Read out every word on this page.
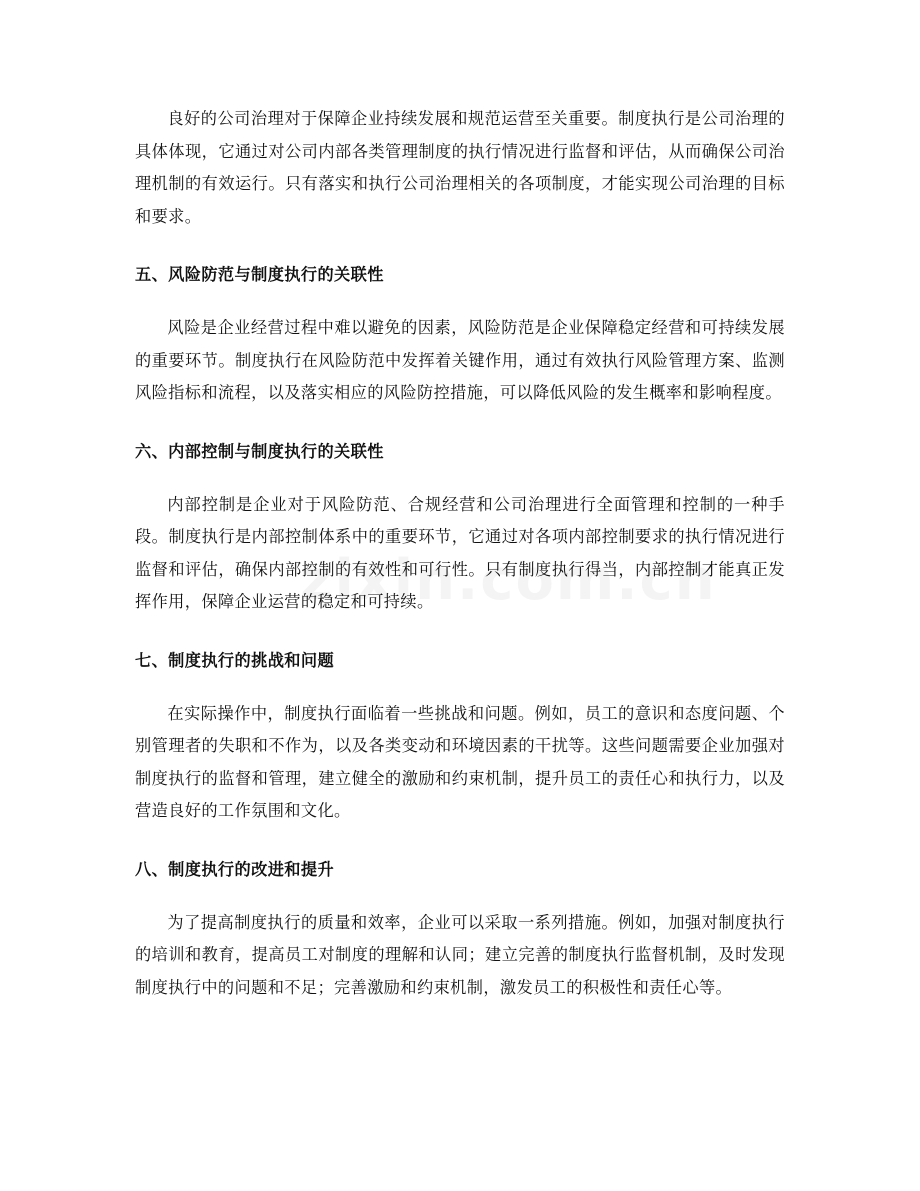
良好的公司治理对于保障企业持续发展和规范运营至关重要。制度执行是公司治理的具体体现，它通过对公司内部各类管理制度的执行情况进行监督和评估，从而确保公司治理机制的有效运行。只有落实和执行公司治理相关的各项制度，才能实现公司治理的目标和要求。

五、风险防范与制度执行的关联性

风险是企业经营过程中难以避免的因素，风险防范是企业保障稳定经营和可持续发展的重要环节。制度执行在风险防范中发挥着关键作用，通过有效执行风险管理方案、监测风险指标和流程，以及落实相应的风险防控措施，可以降低风险的发生概率和影响程度。

六、内部控制与制度执行的关联性

内部控制是企业对于风险防范、合规经营和公司治理进行全面管理和控制的一种手段。制度执行是内部控制体系中的重要环节，它通过对各项内部控制要求的执行情况进行监督和评估，确保内部控制的有效性和可行性。只有制度执行得当，内部控制才能真正发挥作用，保障企业运营的稳定和可持续。

七、制度执行的挑战和问题

在实际操作中，制度执行面临着一些挑战和问题。例如，员工的意识和态度问题、个别管理者的失职和不作为，以及各类变动和环境因素的干扰等。这些问题需要企业加强对制度执行的监督和管理，建立健全的激励和约束机制，提升员工的责任心和执行力，以及营造良好的工作氛围和文化。

八、制度执行的改进和提升

为了提高制度执行的质量和效率，企业可以采取一系列措施。例如，加强对制度执行的培训和教育，提高员工对制度的理解和认同；建立完善的制度执行监督机制，及时发现制度执行中的问题和不足；完善激励和约束机制，激发员工的积极性和责任心等。
